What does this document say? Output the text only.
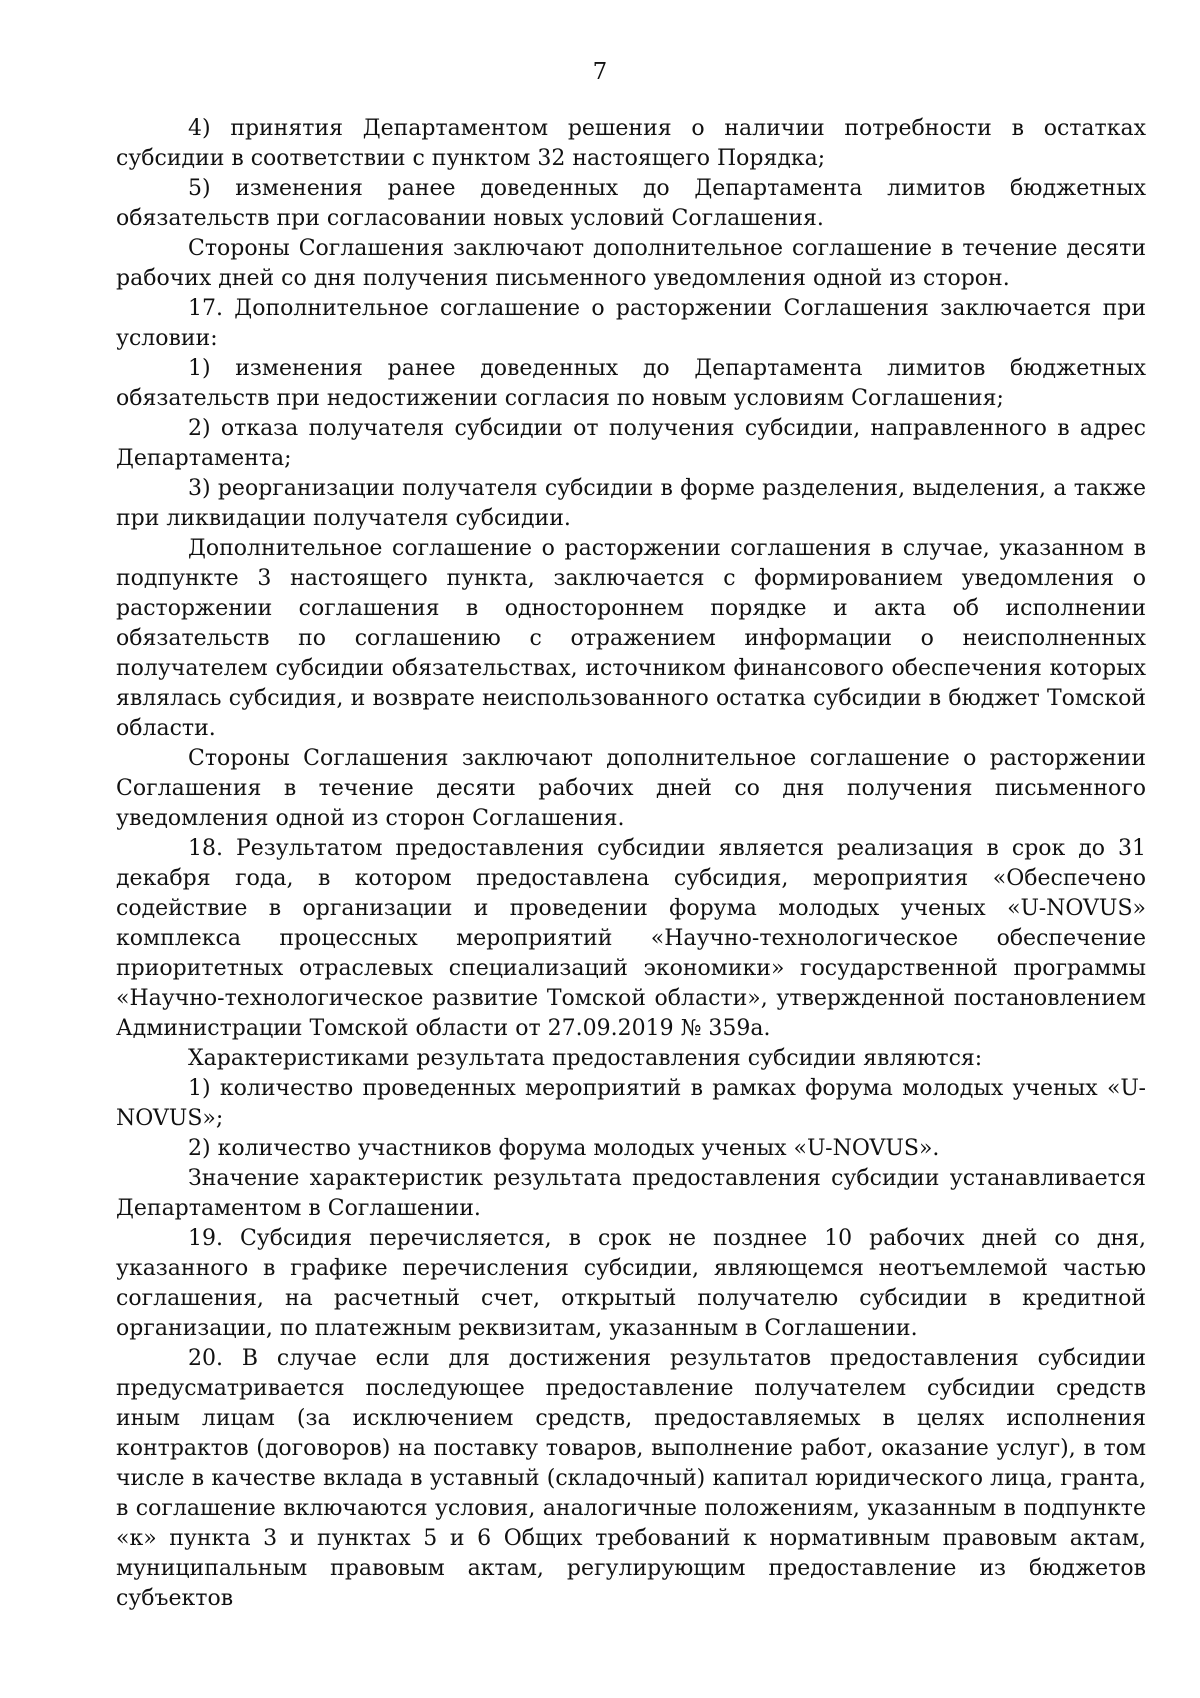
7

4) принятия Департаментом решения о наличии потребности в остатках субсидии в соответствии с пунктом 32 настоящего Порядка;

5) изменения ранее доведенных до Департамента лимитов бюджетных обязательств при согласовании новых условий Соглашения.

Стороны Соглашения заключают дополнительное соглашение в течение десяти рабочих дней со дня получения письменного уведомления одной из сторон.

17. Дополнительное соглашение о расторжении Соглашения заключается при условии:

1) изменения ранее доведенных до Департамента лимитов бюджетных обязательств при недостижении согласия по новым условиям Соглашения;

2) отказа получателя субсидии от получения субсидии, направленного в адрес Департамента;

3) реорганизации получателя субсидии в форме разделения, выделения, а также при ликвидации получателя субсидии.

Дополнительное соглашение о расторжении соглашения в случае, указанном в подпункте 3 настоящего пункта, заключается с формированием уведомления о расторжении соглашения в одностороннем порядке и акта об исполнении обязательств по соглашению с отражением информации о неисполненных получателем субсидии обязательствах, источником финансового обеспечения которых являлась субсидия, и возврате неиспользованного остатка субсидии в бюджет Томской области.

Стороны Соглашения заключают дополнительное соглашение о расторжении Соглашения в течение десяти рабочих дней со дня получения письменного уведомления одной из сторон Соглашения.

18. Результатом предоставления субсидии является реализация в срок до 31 декабря года, в котором предоставлена субсидия, мероприятия «Обеспечено содействие в организации и проведении форума молодых ученых «U-NOVUS» комплекса процессных мероприятий «Научно-технологическое обеспечение приоритетных отраслевых специализаций экономики» государственной программы «Научно-технологическое развитие Томской области», утвержденной постановлением Администрации Томской области от 27.09.2019 № 359а.

Характеристиками результата предоставления субсидии являются:

1) количество проведенных мероприятий в рамках форума молодых ученых «U-NOVUS»;

2) количество участников форума молодых ученых «U-NOVUS».

Значение характеристик результата предоставления субсидии устанавливается Департаментом в Соглашении.

19. Субсидия перечисляется, в срок не позднее 10 рабочих дней со дня, указанного в графике перечисления субсидии, являющемся неотъемлемой частью соглашения, на расчетный счет, открытый получателю субсидии в кредитной организации, по платежным реквизитам, указанным в Соглашении.

20. В случае если для достижения результатов предоставления субсидии предусматривается последующее предоставление получателем субсидии средств иным лицам (за исключением средств, предоставляемых в целях исполнения контрактов (договоров) на поставку товаров, выполнение работ, оказание услуг), в том числе в качестве вклада в уставный (складочный) капитал юридического лица, гранта, в соглашение включаются условия, аналогичные положениям, указанным в подпункте «к» пункта 3 и пунктах 5 и 6 Общих требований к нормативным правовым актам, муниципальным правовым актам, регулирующим предоставление из бюджетов субъектов
